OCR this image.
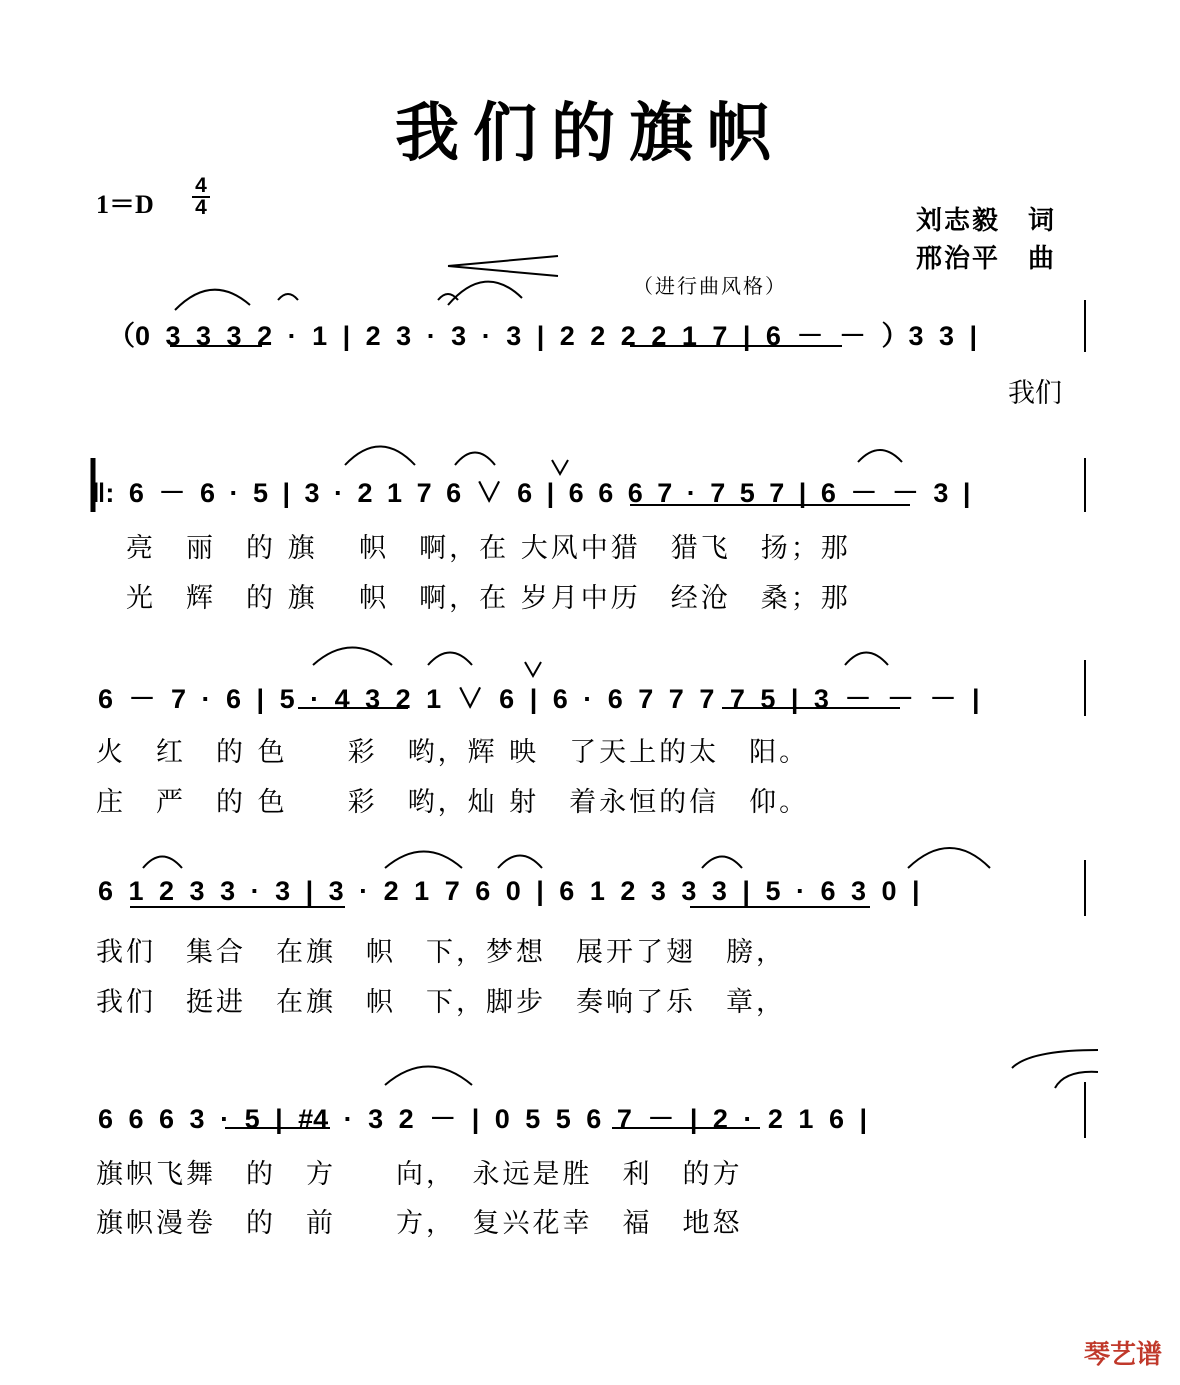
我们的旗帜
1＝D
4
4	刘志毅　词
邢治平　曲
（进行曲风格）
（0 3 3 3 2 · 1 | 2 3 · 3 · 3 | 2 2 2 2 1 7 | 6 － － ）3 3 |
我们
‖: 6 － 6 · 5 | 3 · 2 1 7 6 ∨ 6 | 6 6 6 7 · 7 5 7 | 6 － － 3 |
亮　丽　的 旗　 帜　啊，在 大风中猎　猎飞　扬；那
光　辉　的 旗　 帜　啊，在 岁月中历　经沧　桑；那
6 － 7 · 6 | 5 · 4 3 2 1 ∨ 6 | 6 · 6 7 7 7 7 5 | 3 － － － |
火　红　的 色　　彩　哟，辉 映　了天上的太　阳。
庄　严　的 色　　彩　哟，灿 射　着永恒的信　仰。
6 1 2 3 3 · 3 | 3 · 2 1 7 6 0 | 6 1 2 3 3 3 | 5 · 6 3 0 |
我们　集合　在旗　帜　下，梦想　展开了翅　膀，
我们　挺进　在旗　帜　下，脚步　奏响了乐　章，
6 6 6 3 · 5 | #4 · 3 2 － | 0 5 5 6 7 － | 2 · 2 1 6 |
旗帜飞舞　的　方　　向，　永远是胜　利　的方
旗帜漫卷　的　前　　方，　复兴花幸　福　地怒
琴艺谱
